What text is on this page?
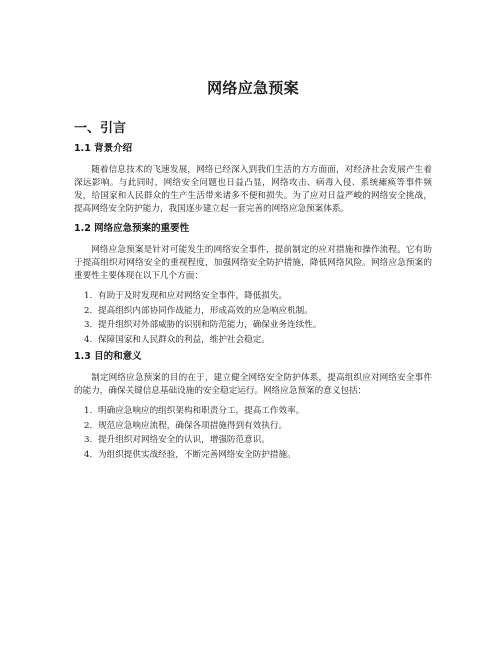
网络应急预案
一、引言
1.1 背景介绍

随着信息技术的飞速发展，网络已经深入到我们生活的方方面面，对经济社会发展产生着深远影响。与此同时，网络安全问题也日益凸显，网络攻击、病毒入侵、系统瘫痪等事件频发，给国家和人民群众的生产生活带来诸多不便和损失。为了应对日益严峻的网络安全挑战，提高网络安全防护能力，我国逐步建立起一套完善的网络应急预案体系。

1.2 网络应急预案的重要性

网络应急预案是针对可能发生的网络安全事件，提前制定的应对措施和操作流程。它有助于提高组织对网络安全的重视程度，加强网络安全防护措施，降低网络风险。网络应急预案的重要性主要体现在以下几个方面：

1. 有助于及时发现和应对网络安全事件，降低损失。
2. 提高组织内部协同作战能力，形成高效的应急响应机制。
3. 提升组织对外部威胁的识别和防范能力，确保业务连续性。
4. 保障国家和人民群众的利益，维护社会稳定。
1.3 目的和意义

制定网络应急预案的目的在于，建立健全网络安全防护体系，提高组织应对网络安全事件的能力，确保关键信息基础设施的安全稳定运行。网络应急预案的意义包括：

1. 明确应急响应的组织架构和职责分工，提高工作效率。
2. 规范应急响应流程，确保各项措施得到有效执行。
3. 提升组织对网络安全的认识，增强防范意识。
4. 为组织提供实战经验，不断完善网络安全防护措施。
